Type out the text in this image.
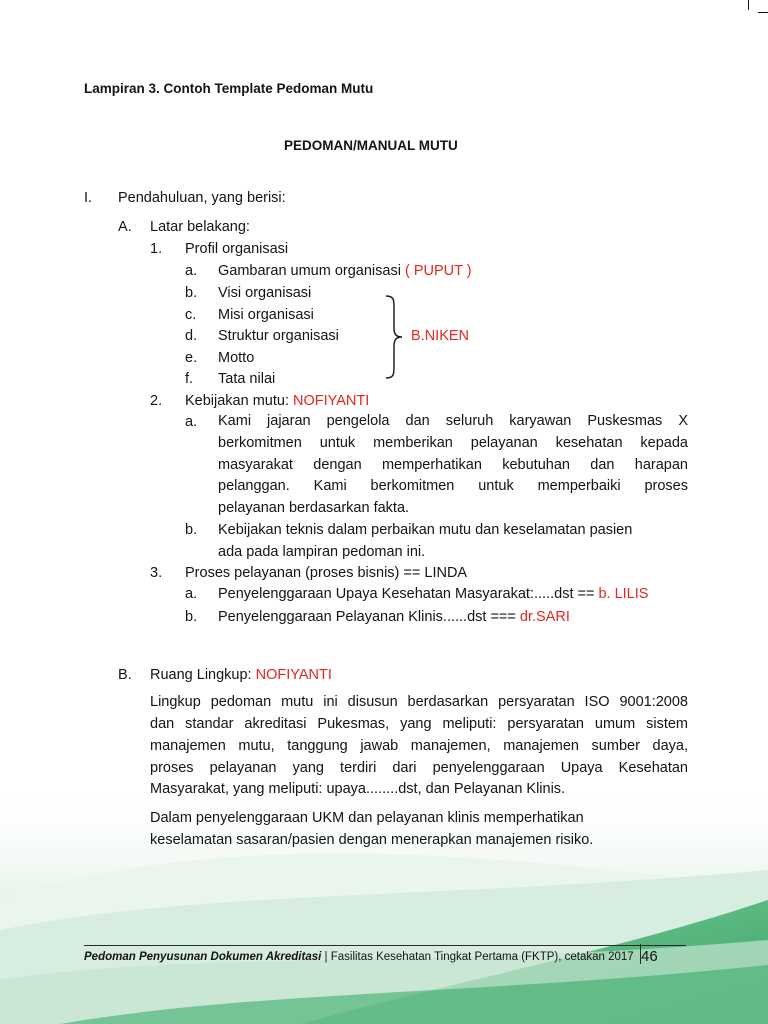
Lampiran 3. Contoh Template Pedoman Mutu
PEDOMAN/MANUAL MUTU
I. Pendahuluan, yang berisi:
A. Latar belakang:
1. Profil organisasi
a. Gambaran umum organisasi ( PUPUT )
b. Visi organisasi
c. Misi organisasi
d. Struktur organisasi
e. Motto
f. Tata nilai
B.NIKEN
2. Kebijakan mutu: NOFIYANTI
a. Kami jajaran pengelola dan seluruh karyawan Puskesmas X
berkomitmen untuk memberikan pelayanan kesehatan kepada
masyarakat dengan memperhatikan kebutuhan dan harapan
pelanggan. Kami berkomitmen untuk memperbaiki proses
pelayanan berdasarkan fakta.
b. Kebijakan teknis dalam perbaikan mutu dan keselamatan pasien
ada pada lampiran pedoman ini.
3. Proses pelayanan (proses bisnis) == LINDA
a. Penyelenggaraan Upaya Kesehatan Masyarakat:.....dst == b. LILIS
b. Penyelenggaraan Pelayanan Klinis......dst === dr.SARI
B. Ruang Lingkup: NOFIYANTI
Lingkup pedoman mutu ini disusun berdasarkan persyaratan ISO 9001:2008
dan standar akreditasi Pukesmas, yang meliputi: persyaratan umum sistem
manajemen mutu, tanggung jawab manajemen, manajemen sumber daya,
proses pelayanan yang terdiri dari penyelenggaraan Upaya Kesehatan
Masyarakat, yang meliputi: upaya........dst, dan Pelayanan Klinis.
Dalam penyelenggaraan UKM dan pelayanan klinis memperhatikan
keselamatan sasaran/pasien dengan menerapkan manajemen risiko.
Pedoman Penyusunan Dokumen Akreditasi | Fasilitas Kesehatan Tingkat Pertama (FKTP), cetakan 2017 46
